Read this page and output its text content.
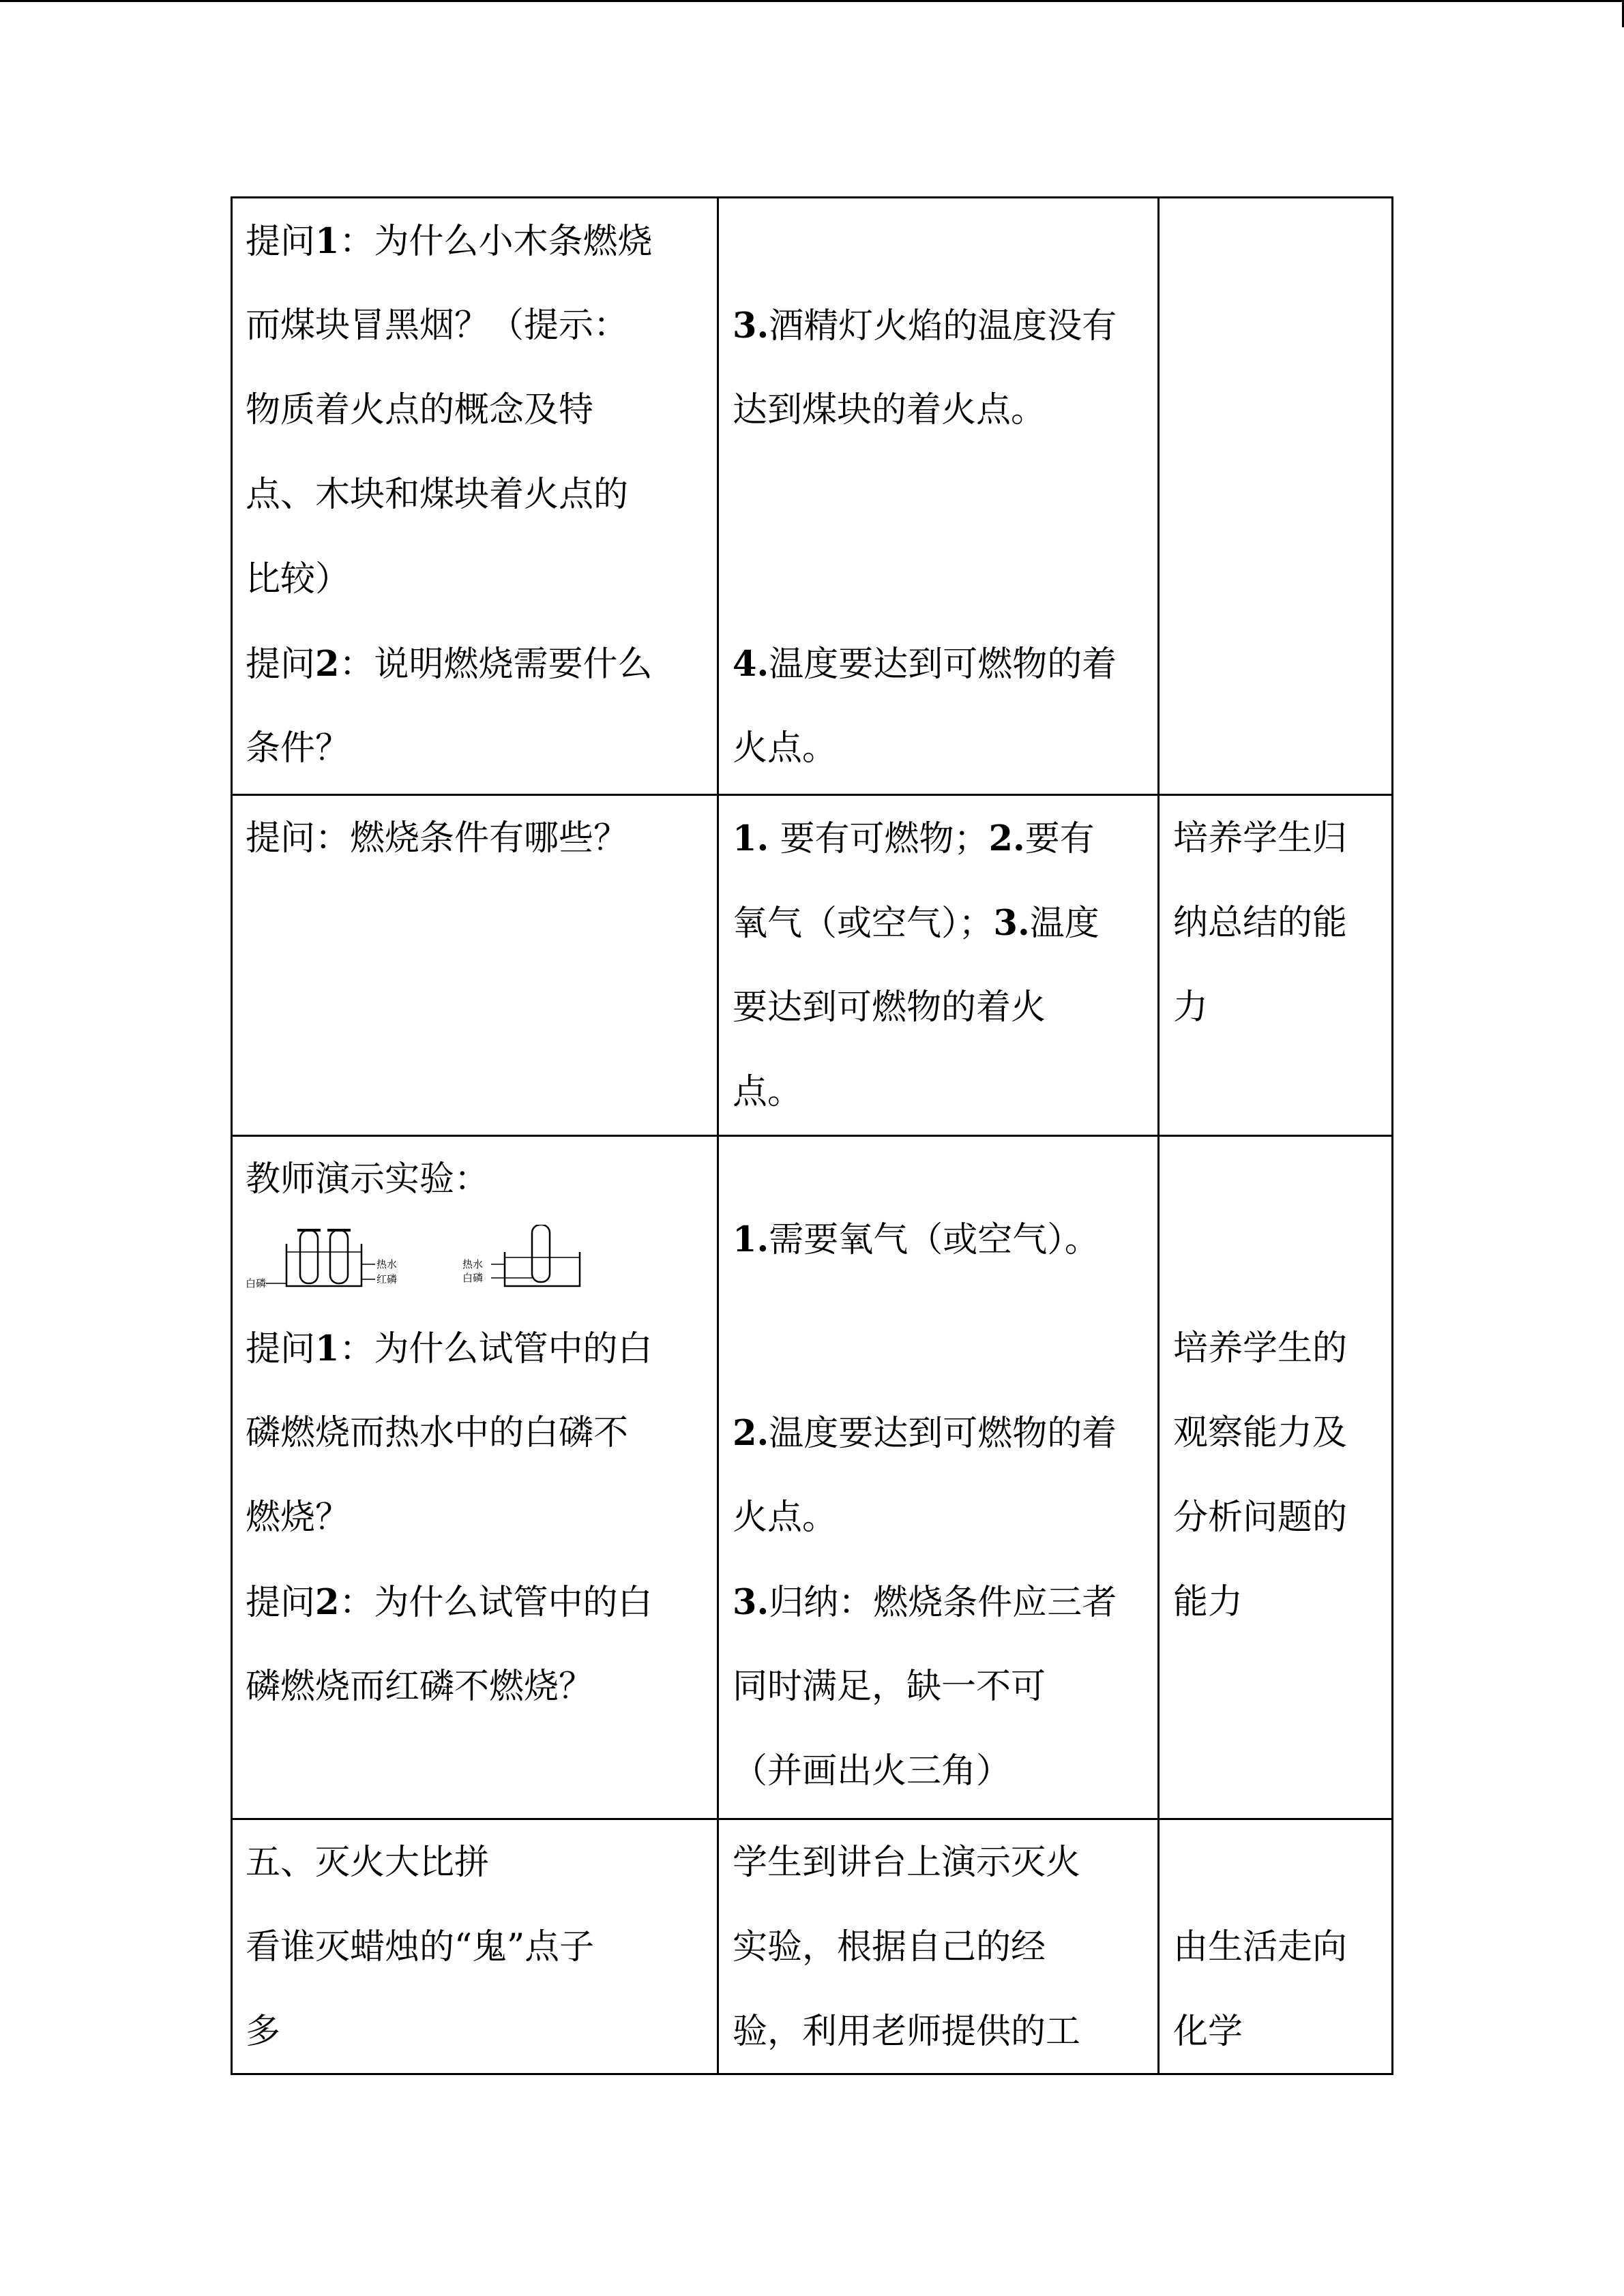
提问1：为什么小木条燃烧
而煤块冒黑烟？（提示：
物质着火点的概念及特
点、木块和煤块着火点的
比较）
提问2：说明燃烧需要什么
条件？
3.酒精灯火焰的温度没有
达到煤块的着火点。
4.温度要达到可燃物的着
火点。
提问：燃烧条件有哪些？	1. 要有可燃物；2.要有
氧气（或空气）；3.温度
要达到可燃物的着火
点。
培养学生归
纳总结的能
力
教师演示实验：
白磷
热水
红磷
热水
白磷
提问1：为什么试管中的白
磷燃烧而热水中的白磷不
燃烧？
提问2：为什么试管中的白
磷燃烧而红磷不燃烧？
1.需要氧气（或空气）。
2.温度要达到可燃物的着
火点。
3.归纳：燃烧条件应三者
同时满足，缺一不可
（并画出火三角）
培养学生的
观察能力及
分析问题的
能力
五、灭火大比拼
看谁灭蜡烛的“鬼”点子
多
学生到讲台上演示灭火
实验，根据自己的经
验，利用老师提供的工
由生活走向
化学
